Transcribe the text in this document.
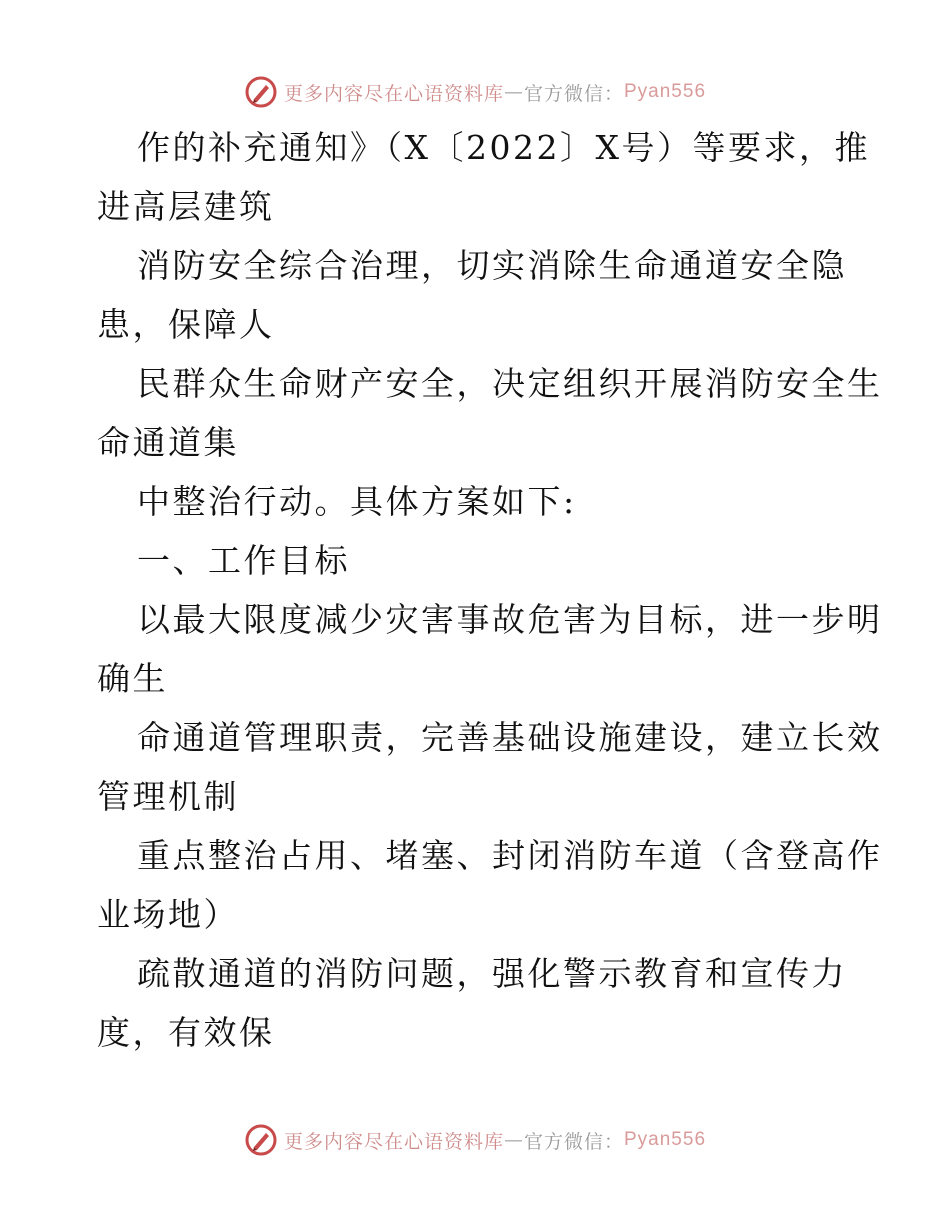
更多内容尽在心语资料库 — 官方微信： Pyan556
作的补充通知》（X〔2022〕X号）等要求，推
进高层建筑
消防安全综合治理，切实消除生命通道安全隐
患，保障人
民群众生命财产安全，决定组织开展消防安全生
命通道集
中整治行动。具体方案如下:
一、工作目标
以最大限度减少灾害事故危害为目标，进一步明
确生
命通道管理职责，完善基础设施建设，建立长效
管理机制
重点整治占用、堵塞、封闭消防车道（含登高作
业场地）
疏散通道的消防问题，强化警示教育和宣传力
度，有效保
更多内容尽在心语资料库 — 官方微信： Pyan556
